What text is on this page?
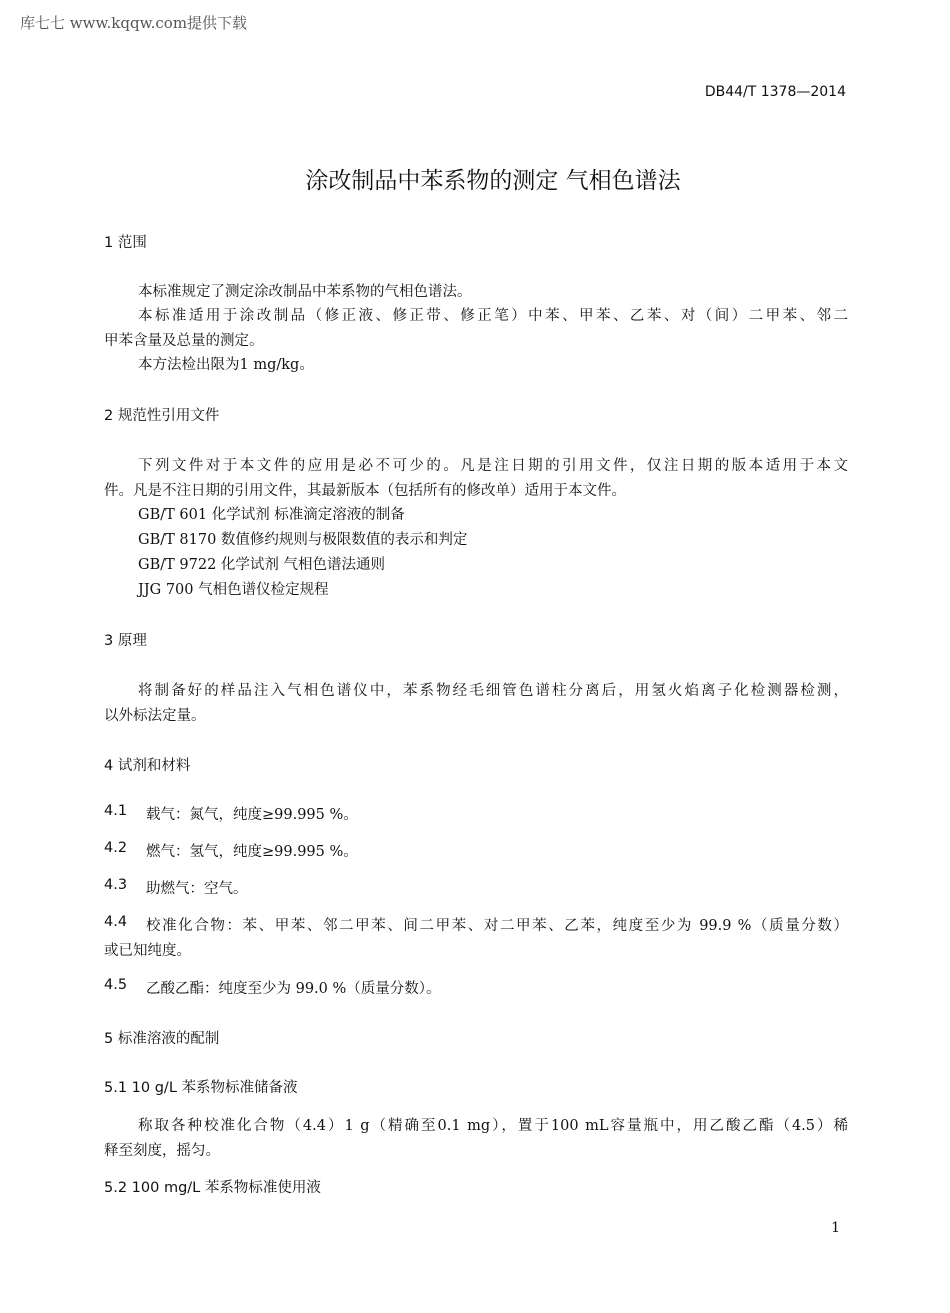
库七七 www.kqqw.com提供下载
DB44/T 1378—2014
涂改制品中苯系物的测定 气相色谱法
1 范围
本标准规定了测定涂改制品中苯系物的气相色谱法。
本标准适用于涂改制品（修正液、修正带、修正笔）中苯、甲苯、乙苯、对（间）二甲苯、邻二
甲苯含量及总量的测定。
本方法检出限为1 mg/kg。
2 规范性引用文件
下列文件对于本文件的应用是必不可少的。凡是注日期的引用文件，仅注日期的版本适用于本文
件。凡是不注日期的引用文件，其最新版本（包括所有的修改单）适用于本文件。
GB/T 601 化学试剂 标准滴定溶液的制备
GB/T 8170 数值修约规则与极限数值的表示和判定
GB/T 9722 化学试剂 气相色谱法通则
JJG 700 气相色谱仪检定规程
3 原理
将制备好的样品注入气相色谱仪中，苯系物经毛细管色谱柱分离后，用氢火焰离子化检测器检测，
以外标法定量。
4 试剂和材料
4.1 载气：氮气，纯度≥99.995 %。
4.2 燃气：氢气，纯度≥99.995 %。
4.3 助燃气：空气。
4.4 校准化合物：苯、甲苯、邻二甲苯、间二甲苯、对二甲苯、乙苯，纯度至少为 99.9 %（质量分数）
或已知纯度。
4.5 乙酸乙酯：纯度至少为 99.0 %（质量分数）。
5 标准溶液的配制
5.1 10 g/L 苯系物标准储备液
称取各种校准化合物（4.4）1 g（精确至0.1 mg），置于100 mL容量瓶中，用乙酸乙酯（4.5）稀
释至刻度，摇匀。
5.2 100 mg/L 苯系物标准使用液
1
